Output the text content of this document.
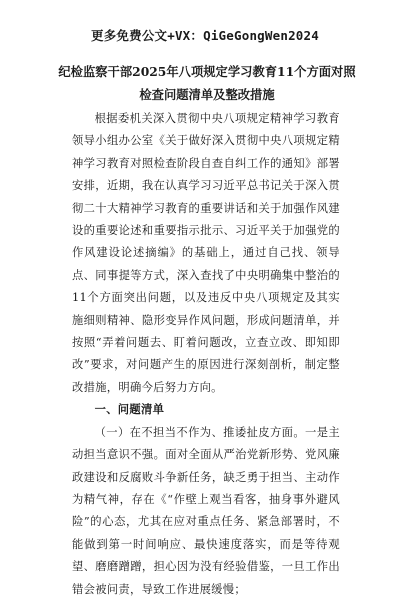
更多免费公文+VX：QiGeGongWen2024
纪检监察干部2025年八项规定学习教育11个方面对照检查问题清单及整改措施

根据委机关深入贯彻中央八项规定精神学习教育领导小组办公室《关于做好深入贯彻中央八项规定精神学习教育对照检查阶段自查自纠工作的通知》部署安排，近期，我在认真学习习近平总书记关于深入贯彻二十大精神学习教育的重要讲话和关于加强作风建设的重要论述和重要指示批示、习近平关于加强党的作风建设论述摘编》的基础上，通过自己找、领导点、同事提等方式，深入查找了中央明确集中整治的11个方面突出问题，以及违反中央八项规定及其实施细则精神、隐形变异作风问题，形成问题清单，并按照“弄着问题去、盯着问题改，立查立改、即知即改”要求，对问题产生的原因进行深刻剖析，制定整改措施，明确今后努力方向。

一、问题清单

（一）在不担当不作为、推诿扯皮方面。一是主动担当意识不强。面对全面从严治党新形势、党风廉政建设和反腐败斗争新任务，缺乏勇于担当、主动作为精气神，存在《“作壁上观当看客，抽身事外避风险”的心态，尤其在应对重点任务、紧急部署时，不能做到第一时间响应、最快速度落实，而是等待观望、磨磨蹭蹭，担心因为没有经验借鉴，一旦工作出错会被问责，导致工作进展缓慢；
